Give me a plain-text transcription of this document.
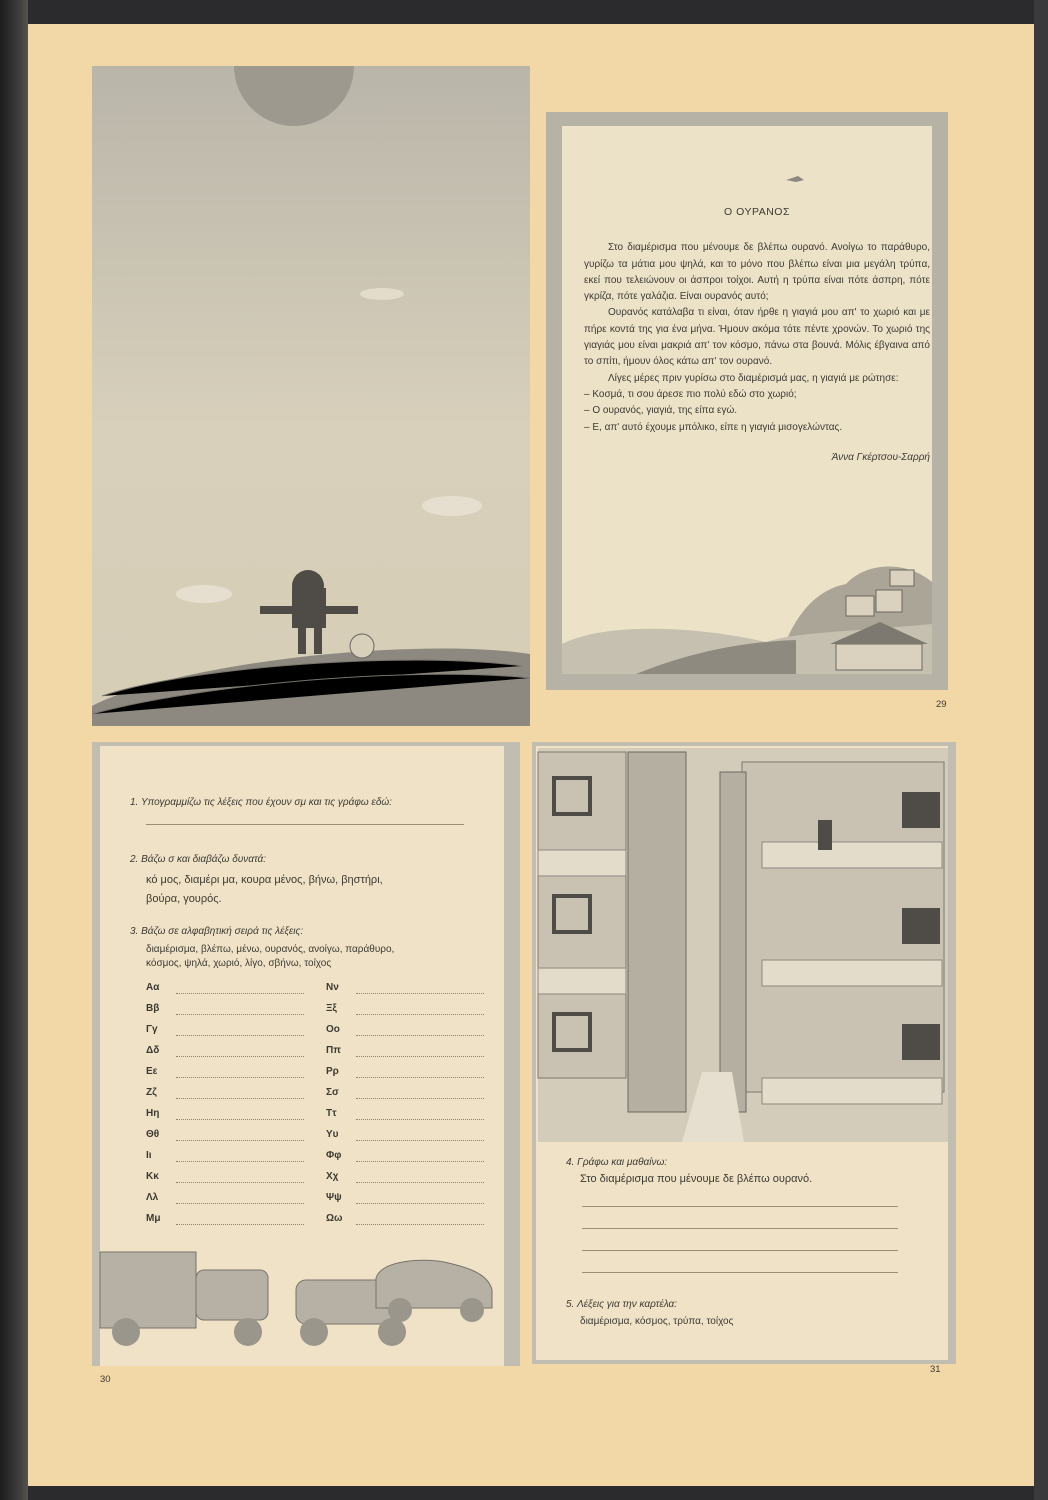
Ο ΟΥΡΑΝΟΣ

Στο διαμέρισμα που μένουμε δε βλέπω ουρανό. Ανοίγω το παράθυρο, γυρίζω τα μάτια μου ψηλά, και το μόνο που βλέπω είναι μια μεγάλη τρύπα, εκεί που τελειώνουν οι άσπροι τοίχοι. Αυτή η τρύπα είναι πότε άσπρη, πότε γκρίζα, πότε γαλάζια. Είναι ουρανός αυτό;

Ουρανός κατάλαβα τι είναι, όταν ήρθε η γιαγιά μου απ' το χωριό και με πήρε κοντά της για ένα μήνα. Ήμουν ακόμα τότε πέντε χρονών. Το χωριό της γιαγιάς μου είναι μακριά απ' τον κόσμο, πάνω στα βουνά. Μόλις έβγαινα από το σπίτι, ήμουν όλος κάτω απ' τον ουρανό.

Λίγες μέρες πριν γυρίσω στο διαμέρισμά μας, η γιαγιά με ρώτησε:

– Κοσμά, τι σου άρεσε πιο πολύ εδώ στο χωριό;

– Ο ουρανός, γιαγιά, της είπα εγώ.

– Ε, απ' αυτό έχουμε μπόλικο, είπε η γιαγιά μισογελώντας.

Άννα Γκέρτσου-Σαρρή
29
1. Υπογραμμίζω τις λέξεις που έχουν σμ και τις γράφω εδώ:
2. Βάζω σ και διαβάζω δυνατά:
κό μος, διαμέρι μα, κουρα μένος, βήνω, βηστήρι,
βούρα, γουρός.
3. Βάζω σε αλφαβητική σειρά τις λέξεις:
διαμέρισμα, βλέπω, μένω, ουρανός, ανοίγω, παράθυρο,
κόσμος, ψηλά, χωριό, λίγο, σβήνω, τοίχος
Αα
Ββ
Γγ
Δδ
Εε
Ζζ
Ηη
Θθ
Ιι
Κκ
Λλ
Μμ
Νν
Ξξ
Οο
Ππ
Ρρ
Σσ
Ττ
Υυ
Φφ
Χχ
Ψψ
Ωω
30
4. Γράφω και μαθαίνω:
Στο διαμέρισμα που μένουμε δε βλέπω ουρανό.
5. Λέξεις για την καρτέλα:
διαμέρισμα, κόσμος, τρύπα, τοίχος
31
